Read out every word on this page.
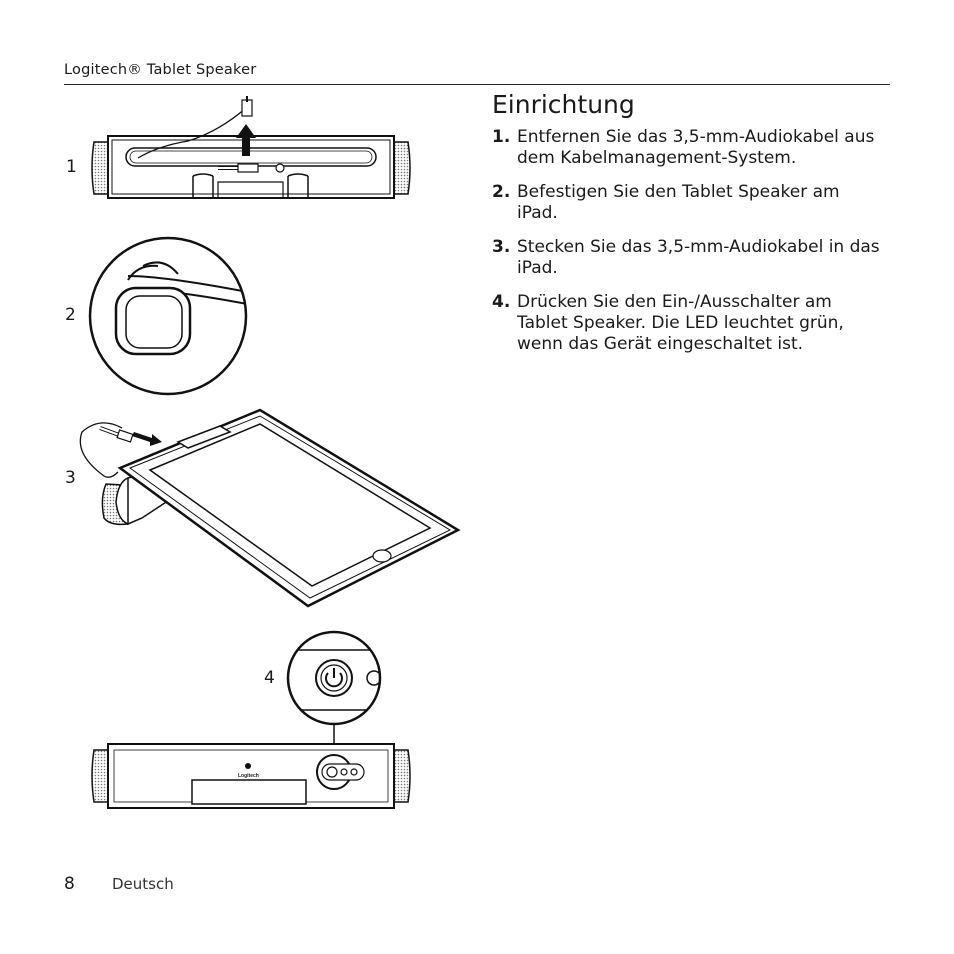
Logitech® Tablet Speaker
Einrichtung
1. Entfernen Sie das 3,5-mm-Audiokabel aus dem Kabelmanagement-System.
2. Befestigen Sie den Tablet Speaker am iPad.
3. Stecken Sie das 3,5-mm-Audiokabel in das iPad.
4. Drücken Sie den Ein-/Ausschalter am Tablet Speaker. Die LED leuchtet grün, wenn das Gerät eingeschaltet ist.
1
2
3
4
Logitech
8 Deutsch
